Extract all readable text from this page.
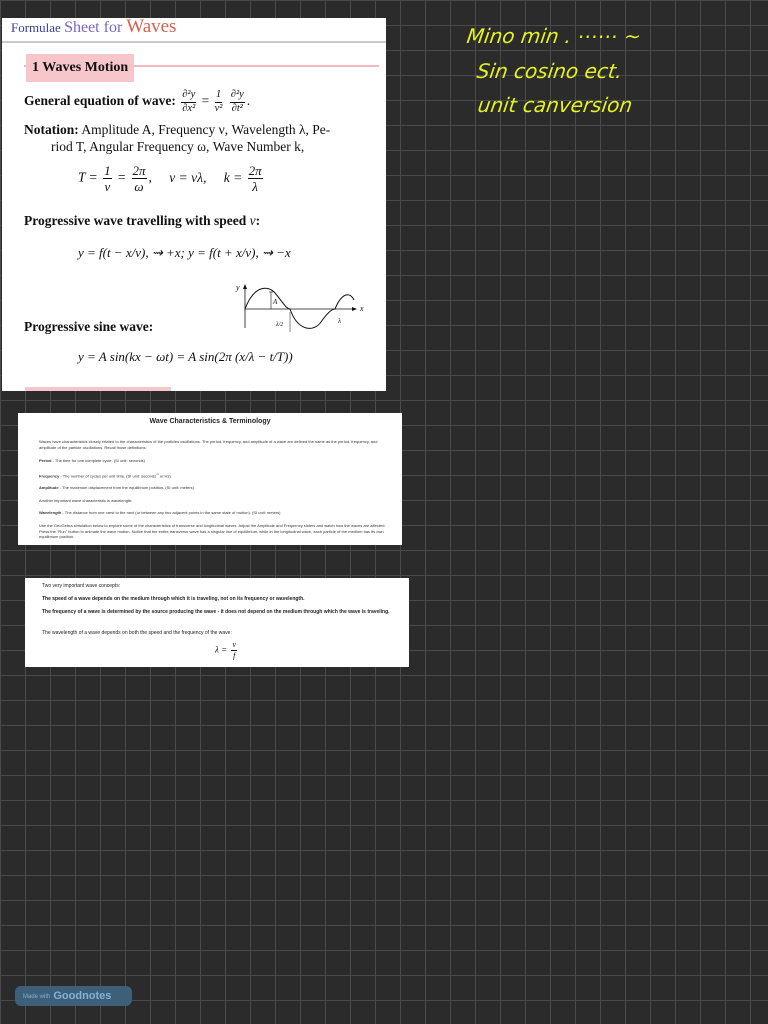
Formulae Sheet for Waves
1 Waves Motion
General equation of wave: $\frac{\text{∂²y}}{\text{∂x²}} = \frac{1}{\text{v²}}$
$\frac{\text{∂²y}}{\text{∂t²}}$ .
Notation: Amplitude A, Frequency ν, Wavelength λ, Pe-
riod T, Angular Frequency ω, Wave Number k,
$T = \frac{1}{\nu} = \frac{2\pi}{\omega}$ , v = νλ, $k = \frac{2\pi}{\lambda}$
Progressive wave travelling with speed v:
y = f(t − x/v), ⇝ +x; y = f(t + x/v), ⇝ −x
y
x
A
λ/2	λ
Progressive sine wave:
y = A sin(kx − ωt) = A sin(2π (x/λ − t/T))
Wave Characteristics & Terminology
Waves have characteristics closely related to the characteristics of the particles oscillations. The period, frequency, and amplitude of a wave are defined the same as the period, frequency, and amplitude of the particle oscillations. Recall those definitions:
Period - The time for one complete cycle. (SI unit: seconds)
Frequency - The number of cycles per unit time. (SI unit: seconds$^{-1}$ or Hz)
Amplitude - The maximum displacement from the equilibrium position. (SI unit: meters)
Another important wave characteristic is wavelength:
Wavelength - The distance from one crest to the next (or between any two adjacent points in the same state of motion). (SI unit: meters)
Use the GeoGebra simulation below to explore some of the characteristics of transverse and longitudinal waves. Adjust the Amplitude and Frequency sliders and watch how the waves are affected. Press the "Run" button to animate the wave motion. Notice that the entire transverse wave has a singular line of equilibrium, while in the longitudinal wave, each particle of the medium has its own equilibrium position.
Two very important wave concepts:
The speed of a wave depends on the medium through which it is traveling, not on its frequency or wavelength.
The frequency of a wave is determined by the source producing the wave - it does not depend on the medium through which the wave is traveling.
The wavelength of a wave depends on both the speed and the frequency of the wave:
$\lambda = \frac{v}{f}$
Mino min . ⋯⋯ ~
Sin cosino ect.
unit canversion
Made with Goodnotes
